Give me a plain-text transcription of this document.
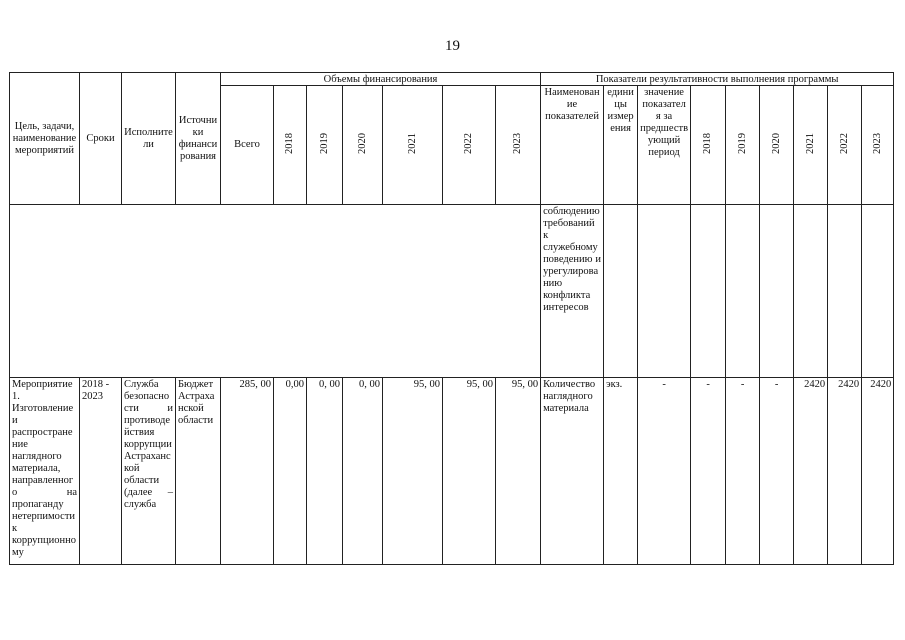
19
Цель, задачи, наименование мероприятий	Сроки	Исполнители	Источники финансирования	Объемы финансирования							Показатели результативности выполнения программы								
				Всего	2018	2019	2020	2021	2022	2023	Наименование показателей	единицы измерения	значение показателя за предшествующий период	2018	2019	2020	2021	2022	2023
											соблюдению требований к служебному поведению и урегулированию конфликта интересов								
Мероприятие 1. Изготовление и распространение наглядного материала, направленного на пропаганду нетерпимости к коррупционному	2018 - 2023	Служба безопасности и противодействия коррупции Астраханской области (далее – служба	Бюджет Астраханской области	285, 00	0,00	0, 00	0, 00	95, 00	95, 00	95, 00	Количество наглядного материала	экз.	-	-	-	-	2420	2420	2420
